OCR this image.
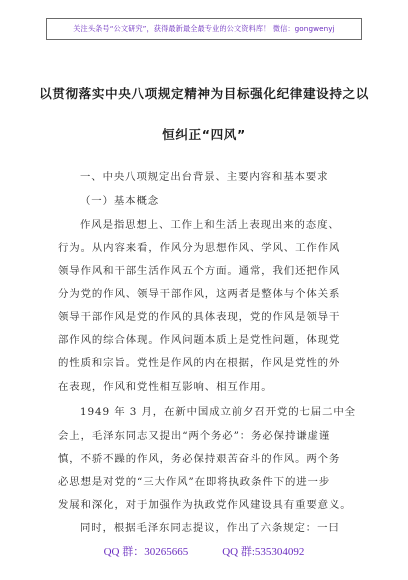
关注头条号“公文研究”，获得最新最全最专业的公文资料库！ 微信：gongwenyj
以贯彻落实中央八项规定精神为目标强化纪律建设持之以
恒纠正“四风”
一、中央八项规定出台背景、主要内容和基本要求
（一）基本概念
作风是指思想上、工作上和生活上表现出来的态度、
行为。从内容来看，作风分为思想作风、学风、工作作风
领导作风和干部生活作风五个方面。通常，我们还把作风
分为党的作风、领导干部作风，这两者是整体与个体关系
领导干部作风是党的作风的具体表现，党的作风是领导干
部作风的综合体现。作风问题本质上是党性问题，体现党
的性质和宗旨。党性是作风的内在根据，作风是党性的外
在表现，作风和党性相互影响、相互作用。
1949 年 3 月，在新中国成立前夕召开党的七届二中全
会上，毛泽东同志又提出“两个务必”：务必保持谦虚谨
慎，不骄不躁的作风，务必保持艰苦奋斗的作风。两个务
必思想是对党的“三大作风”在即将执政条件下的进一步
发展和深化，对于加强作为执政党作风建设具有重要意义。
同时，根据毛泽东同志提议，作出了六条规定：一曰
QQ 群：30265665	QQ 群:535304092
